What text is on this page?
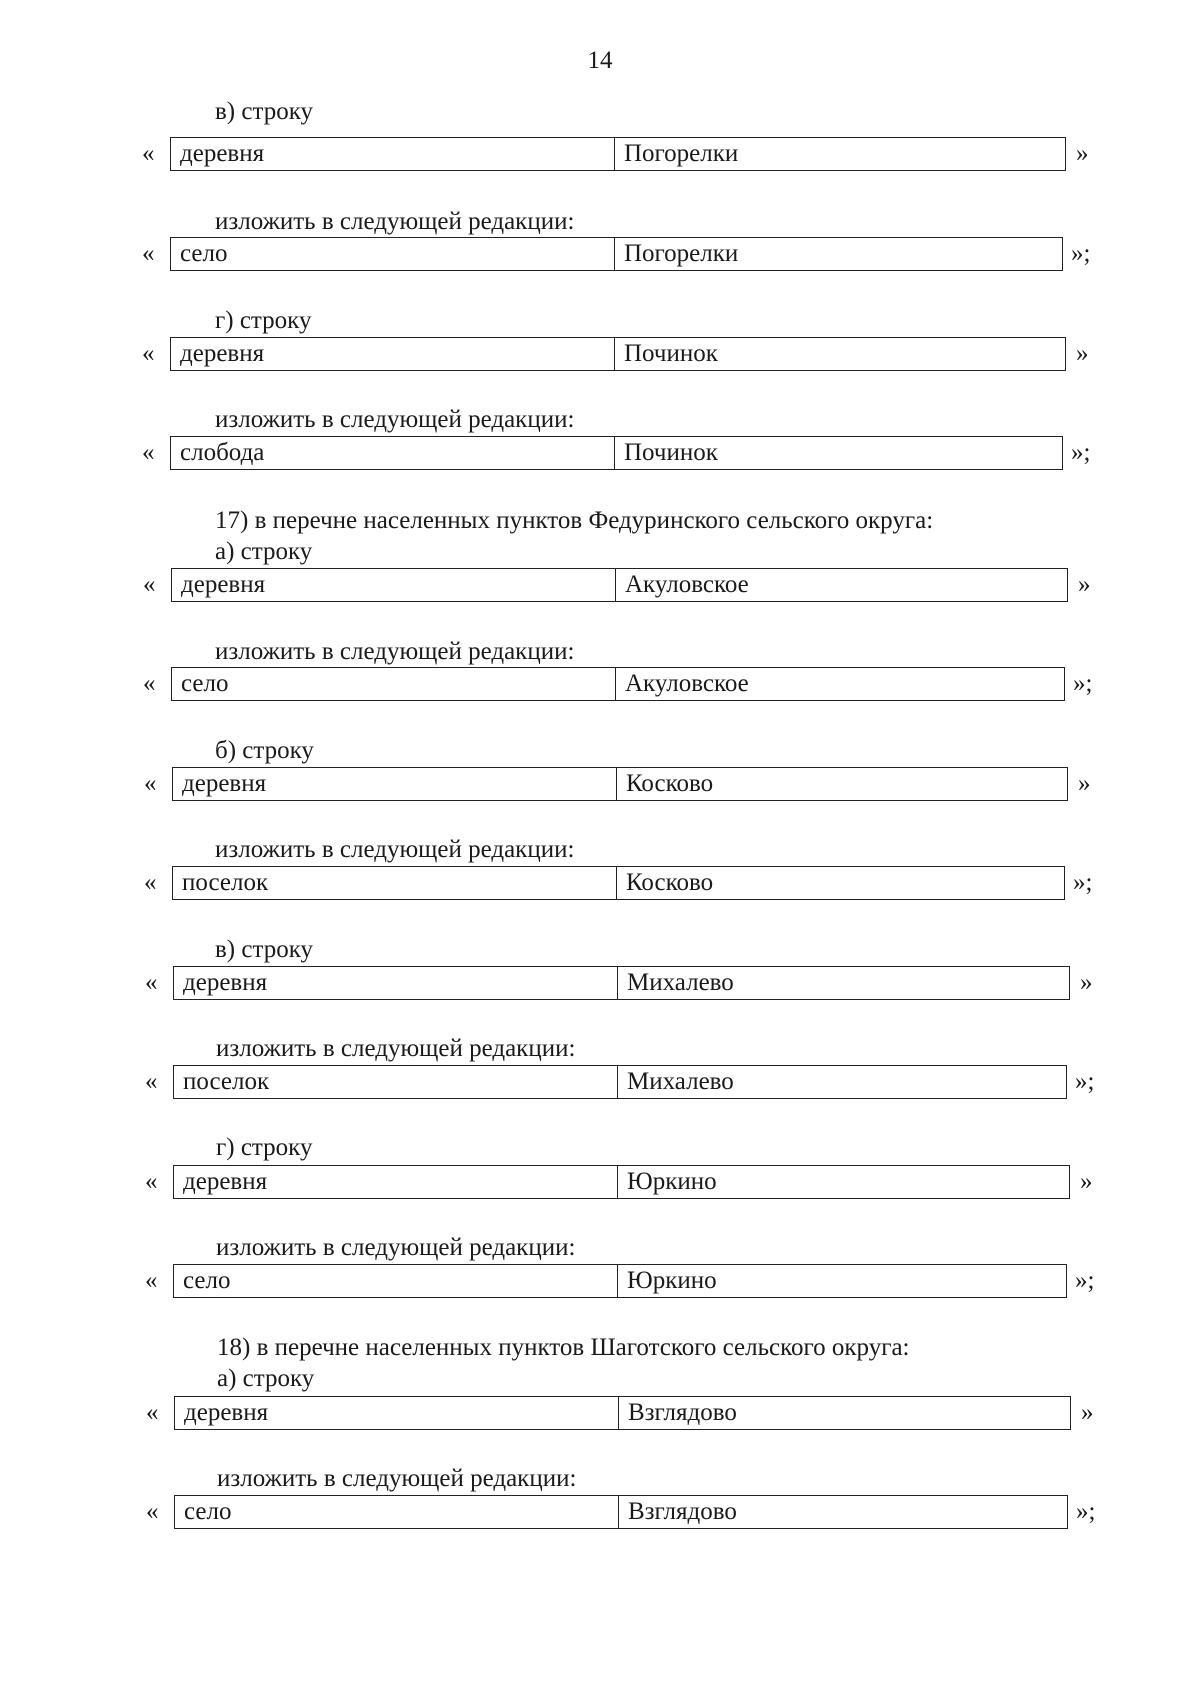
14
в) строку
«	деревня	Погорелки	»
изложить в следующей редакции:
«	село	Погорелки	»;
г) строку
«	деревня	Починок	»
изложить в следующей редакции:
«	слобода	Починок	»;
17) в перечне населенных пунктов Федуринского сельского округа:
а) строку
«	деревня	Акуловское	»
изложить в следующей редакции:
«	село	Акуловское	»;
б) строку
«	деревня	Косково	»
изложить в следующей редакции:
«	поселок	Косково	»;
в) строку
«	деревня	Михалево	»
изложить в следующей редакции:
«	поселок	Михалево	»;
г) строку
«	деревня	Юркино	»
изложить в следующей редакции:
«	село	Юркино	»;
18) в перечне населенных пунктов Шаготского сельского округа:
а) строку
«	деревня	Взглядово	»
изложить в следующей редакции:
«	село	Взглядово	»;
